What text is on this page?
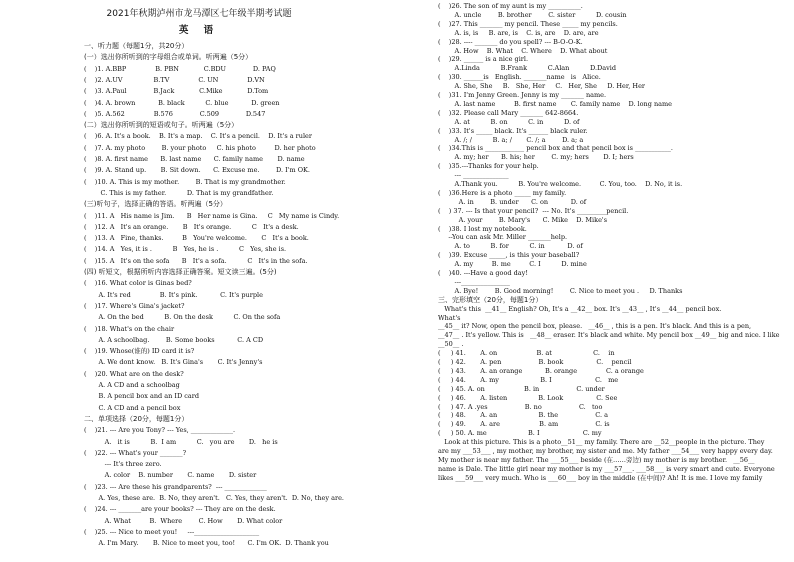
2021年秋期泸州市龙马潭区七年级半期考试题
英 语
一、听力题（每题1分，共20分）
(一）选出你所听到的字母组合或单词。听两遍（5分）
(    )1. A.BBP              B. PBN            C.BDU             D. PAQ
(    )2. A.UV               B.TV              C. UN              D.VN
(    )3. A.Paul             B.Jack            C.Mike            D.Tom
(    )4. A. brown           B. black          C. blue           D. green
(    )5. A.562              B.576             C.509             D.547
(二）选出你所听到的短语或句子。听两遍（5分）
(    )6. A. It's a book.    B. It's a map.    C. It's a pencil.    D. It's a ruler
(    )7. A. my photo        B. your photo     C. his photo         D. her photo
(    )8. A. first name      B. last name      C. family name       D. name
(    )9. A. Stand up.       B. Sit down.      C. Excuse me.        D. I'm OK.
(    )10. A. This is my mother.        B. That is my grandmother.
C. This is my father.          D. That is my grandfather.
(三)听句子，选择正确的答语。听两遍（5分）
(    )11. A   His name is Jim.      B   Her name is Gina.     C   My name is Cindy.
(    )12. A   It's an orange.       B   It's orange.          C   It's a desk.
(    )13. A   Fine, thanks.         B   You're welcome.       C   It's a book.
(    )14. A   Yes, it is .          B   Yes, he is .          C   Yes, she is.
(    )15. A   It's on the sofa      B   It's a sofa.          C   It's in the sofa.
(四) 听短文，根据所听内容选择正确答案。短文读三遍。(5分)
(    )16. What color is Ginas bed?
A. It's red              B. It's pink.           C. It's purple
(    )17. Where's Gina's jacket?
A. On the bed          B. On the desk          C. On the sofa
(    )18. What's on the chair
A. A schoolbag.        B. Some books           C. A CD
(    )19. Whose(谁的) ID card it is?
A. We dont know.   B. It's Gina's       C. It's Jenny's
(    )20. What are on the desk?
A. A CD and a schoolbag
B. A pencil box and an ID card
C. A CD and a pencil box
二、单项选择（20分，每题1分）
(    )21. --- Are you Tony? --- Yes, _____________.
A.   it is          B.  I am          C.   you are       D.   he is
(    )22. --- What's your _______?
--- It's three zero.
A. color    B. number       C. name       D. sister
(    )23. --- Are these his grandparents?  --- _____________
A. Yes, these are.  B. No, they aren't.   C. Yes, they aren't.  D. No, they are.
(    )24. --- _______are your books? --- They are on the desk.
A. What         B.  Where        C. How       D. What color
(    )25. --- Nice to meet you!     ---____________________
A. I'm Mary.       B. Nice to meet you, too!      C. I'm OK.  D. Thank you
(    )26. The son of my aunt is my __________.
A. uncle        B. brother        C. sister          D. cousin
(    )27. This _______ my pencil. These _____ my pencils.
A. is, is     B. are, is    C. is, are    D. are, are
(    )28. ---- _______ do you spell? --- B-O-O-K.
A. How    B. What    C. Where    D. What about
(    )29. ______ is a nice girl.
A.Linda          B.Frank          C.Alan          D.David
(    )30. ______is   English. _______name   is   Alice.
A. She, She     B.   She, Her     C.   Her, She     D. Her, Her
(    )31. I'm Jenny Green. Jenny is my _______ name.
A. last name         B. first name       C. family name    D. long name
(    )32. Please call Mary _______ 642-8664.
A. at          B. on          C. in          D. of
(    )33. It's _____ black. It's ______ black ruler.
A. /; /          B. a; /       C. /; a        D. a; a
(    )34.This is ____________ pencil box and that pencil box is ___________.
A. my; her      B. his; her        C. my; hers       D. I; hers
(    )35.---Thanks for your help.
--- ______________
A.Thank you.          B. You're welcome.         C. You, too.    D. No, it is.
(    )36.Here is a photo _____ my family.
A. in        B. under      C. on           D. of
(    ) 37. --- Is that your pencil?  --- No. It's _________pencil.
A. your        B. Mary's      C. Mike    D. Mike's
(    )38. I lost my notebook.
--You can ask Mr. Miller _______help.
A. to          B. for          C. in           D. of
(    )39. Excuse _____, is this your baseball?
A. my         B. me         C. I          D. mine
(    )40. ---Have a good day!
---_______________
A. Bye!        B. Good morning!        C. Nice to meet you .     D. Thanks
三、完形填空（20分，每题1分）
What's this  __41__ English? Oh, It's a __42__ box. It's __43__ , It's __44__ pencil box.
What's
__45__ it? Now, open the pencil box, please.   __46__ , this is a pen. It's black. And this is a pen,
__47__ . It's yellow. This is   __48__ eraser. It's black and white. My pencil box __49__ big and nice. I like
__50__ .
(     ) 41.       A. on                   B. at                    C.    in
(     ) 42.       A. pen                  B. book                C.    pencil
(     ) 43.       A. an orange           B. orange              C. a orange
(     ) 44.       A. my                    B. I                     C.   me
(     ) 45. A. on                   B. in                  C. under
(     ) 46.       A. listen               B. Look                C. See
(     ) 47. A .yes                  B. no                  C.   too
(     ) 48.       A. an                    B. the                  C. a
(     ) 49.       A. are                   B. am                  C. is
(     ) 50. A. me                    B. I                     C. my
Look at this picture. This is a photo__51__ my family. There are __52__people in the picture. They
are my ___53___ , my mother, my brother, my sister and me. My father ___54___ very happy every day.
My mother is near my father. The ___55___ beside (在……旁边) my mother is my brother.   __56__
name is Dale. The little girl near my mother is my ___57___. ___58___ is very smart and cute. Everyone
likes ___59___ very much. Who is ___60___ boy in the middle (在中间)? Ah! It is me. I love my family
